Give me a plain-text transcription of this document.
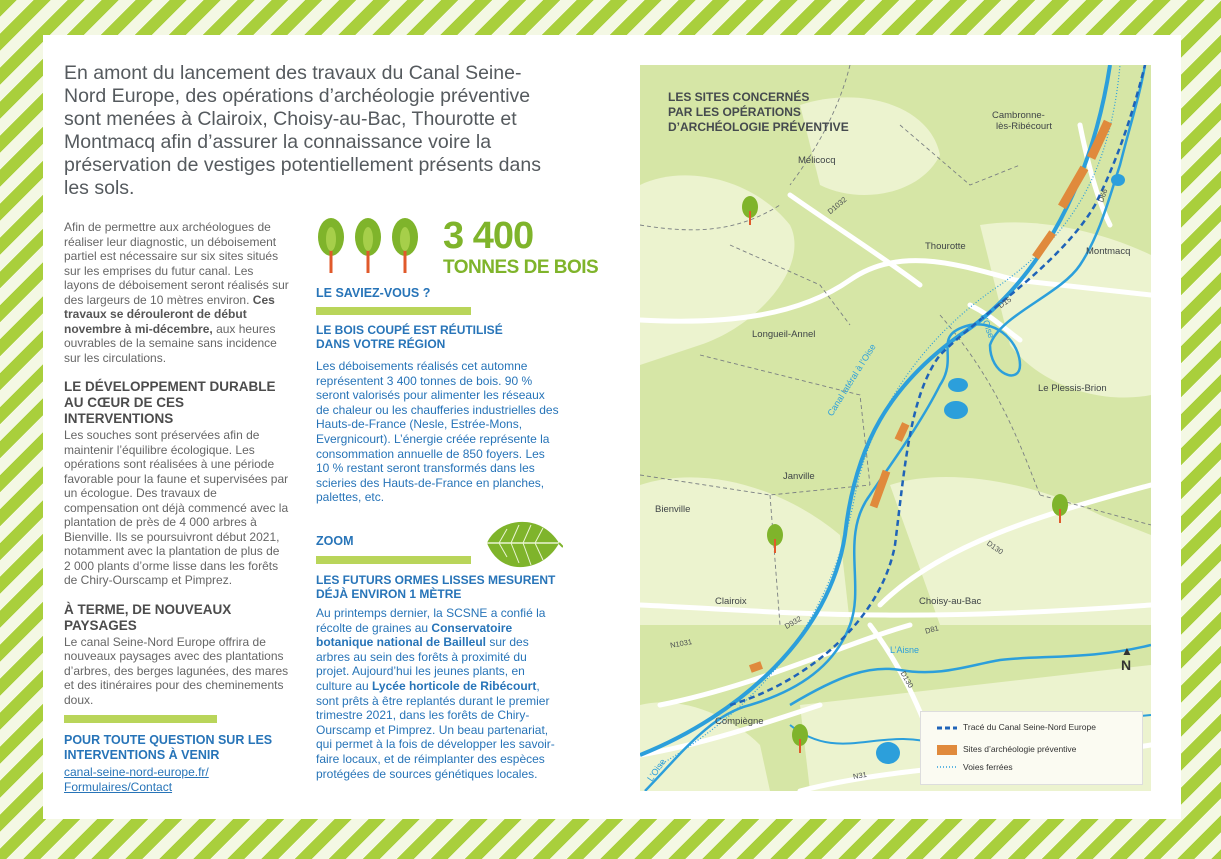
En amont du lancement des travaux du Canal Seine-Nord Europe, des opérations d’archéologie préventive sont menées à Clairoix, Choisy-au-Bac, Thourotte et Montmacq afin d’assurer la connaissance voire la préservation de vestiges potentiellement présents dans les sols.

Afin de permettre aux archéologues de réaliser leur diagnostic, un déboisement partiel est nécessaire sur six sites situés sur les emprises du futur canal. Les layons de déboisement seront réalisés sur des largeurs de 10 mètres environ. Ces travaux se dérouleront de début novembre à mi-décembre, aux heures ouvrables de la semaine sans incidence sur les circulations.

LE DÉVELOPPEMENT DURABLE AU CŒUR DE CES INTERVENTIONS

Les souches sont préservées afin de maintenir l’équilibre écologique. Les opérations sont réalisées à une période favorable pour la faune et supervisées par un écologue. Des travaux de compensation ont déjà commencé avec la plantation de près de 4 000 arbres à Bienville. Ils se poursuivront début 2021, notamment avec la plantation de plus de 2 000 plants d’orme lisse dans les forêts de Chiry-Ourscamp et Pimprez.

À TERME, DE NOUVEAUX PAYSAGES

Le canal Seine-Nord Europe offrira de nouveaux paysages avec des plantations d’arbres, des berges lagunées, des mares et des itinéraires pour des cheminements doux.

POUR TOUTE QUESTION SUR LES INTERVENTIONS À VENIR
canal-seine-nord-europe.fr/ Formulaires/Contact
3 400
TONNES DE BOIS
LE SAVIEZ-VOUS ?
LE BOIS COUPÉ EST RÉUTILISÉ DANS VOTRE RÉGION
Les déboisements réalisés cet automne représentent 3 400 tonnes de bois. 90 % seront valorisés pour alimenter les réseaux de chaleur ou les chaufferies industrielles des Hauts-de-France (Nesle, Estrée-Mons, Evergnicourt). L’énergie créée représente la consommation annuelle de 850 foyers. Les 10 % restant seront transformés dans les scieries des Hauts-de-France en planches, palettes, etc.
ZOOM
LES FUTURS ORMES LISSES MESURENT DÉJÀ ENVIRON 1 MÈTRE
Au printemps dernier, la SCSNE a confié la récolte de graines au Conservatoire botanique national de Bailleul sur des arbres au sein des forêts à proximité du projet. Aujourd’hui les jeunes plants, en culture au Lycée horticole de Ribécourt, sont prêts à être replantés durant le premier trimestre 2021, dans les forêts de Chiry-Ourscamp et Pimprez. Un beau partenariat, qui permet à la fois de développer les savoir-faire locaux, et de réimplanter des espèces protégées de sources génétiques locales.
LES SITES CONCERNÉS
PAR LES OPÉRATIONS
D’ARCHÉOLOGIE PRÉVENTIVE
Cambronne-
lès-Ribécourt
Mélicocq
Thourotte	Montmacq
Longueil-Annel
Le Plessis-Brion
Janville
Bienville
Clairoix	Choisy-au-Bac
Compiègne
D1032	D66
D15
D130
D932	D81
N1031
D130
N31
L’Oise
Canal latéral à l’Oise
L’Aisne
L’Oise
▲
N
Tracé du Canal Seine-Nord Europe
Sites d’archéologie préventive
Voies ferrées
